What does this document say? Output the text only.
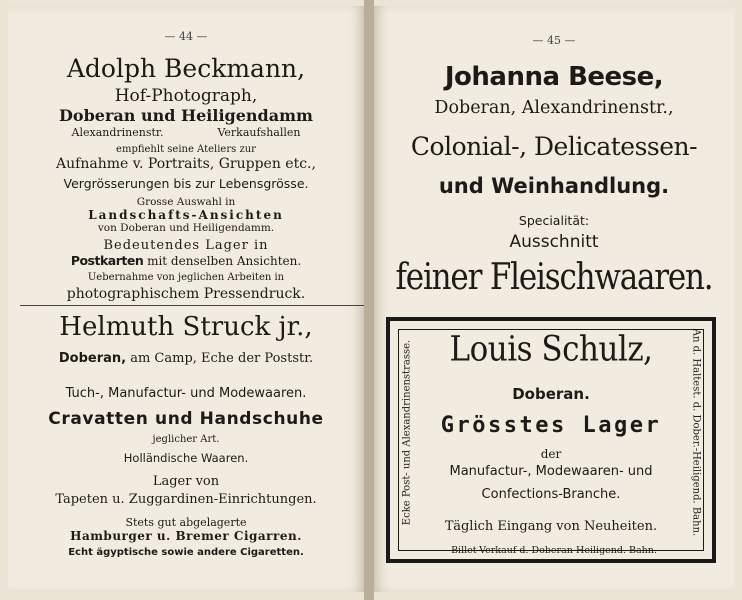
— 44 —
Adolph Beckmann,
Hof-Photograph,
Doberan und Heiligendamm
Alexandrinenstr.	Verkaufshallen
empfiehlt seine Ateliers zur
Aufnahme v. Portraits, Gruppen etc.,
Vergrösserungen bis zur Lebensgrösse.
Grosse Auswahl in
Landschafts-Ansichten
von Doberan und Heiligendamm.
Bedeutendes Lager in
Postkarten mit denselben Ansichten.
Uebernahme von jeglichen Arbeiten in
photographischem Pressendruck.
Helmuth Struck jr.,
Doberan, am Camp, Eche der Poststr.
Tuch-, Manufactur- und Modewaaren.
Cravatten und Handschuhe
jeglicher Art.
Holländische Waaren.
Lager von
Tapeten u. Zuggardinen-Einrichtungen.
Stets gut abgelagerte
Hamburger u. Bremer Cigarren.
Echt ägyptische sowie andere Cigaretten.
— 45 —
Johanna Beese,
Doberan, Alexandrinenstr.,
Colonial-, Delicatessen-
und Weinhandlung.
Specialität:
Ausschnitt
feiner Fleischwaaren.
Ecke Post- und Alexandrinenstrasse.	An d. Haltest. d. Dober.-Heiligend. Bahn.
Louis Schulz,
Doberan.
Grösstes Lager
der
Manufactur-, Modewaaren- und
Confections-Branche.
Täglich Eingang von Neuheiten.
Billet-Verkauf d. Doberan-Heiligend. Bahn.
